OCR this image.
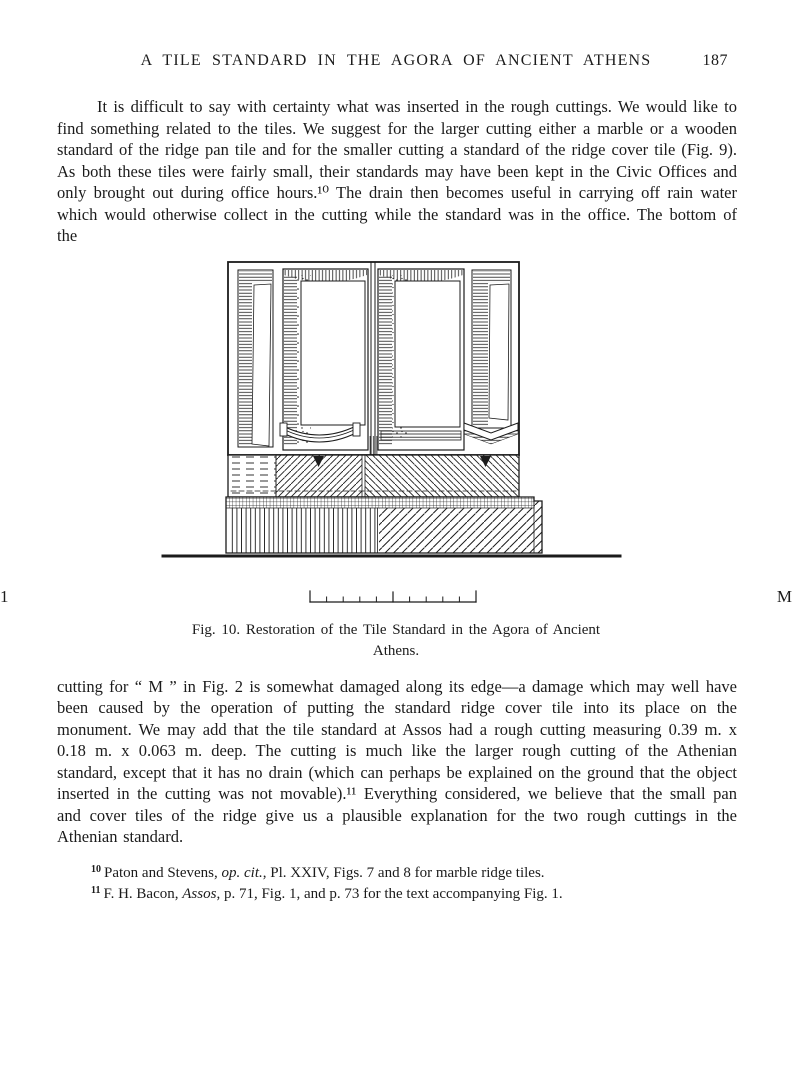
A TILE STANDARD IN THE AGORA OF ANCIENT ATHENS	187
It is difficult to say with certainty what was inserted in the rough cuttings. We would like to find something related to the tiles. We suggest for the larger cutting either a marble or a wooden standard of the ridge pan tile and for the smaller cutting a standard of the ridge cover tile (Fig. 9). As both these tiles were fairly small, their standards may have been kept in the Civic Offices and only brought out during office hours.¹⁰ The drain then becomes useful in carrying off rain water which would otherwise collect in the cutting while the standard was in the office. The bottom of the
1	M
Fig. 10. Restoration of the Tile Standard in the Agora of Ancient Athens.
cutting for “ M ” in Fig. 2 is somewhat damaged along its edge—a damage which may well have been caused by the operation of putting the standard ridge cover tile into its place on the monument. We may add that the tile standard at Assos had a rough cutting measuring 0.39 m. x 0.18 m. x 0.063 m. deep. The cutting is much like the larger rough cutting of the Athenian standard, except that it has no drain (which can perhaps be explained on the ground that the object inserted in the cutting was not movable).¹¹ Everything considered, we believe that the small pan and cover tiles of the ridge give us a plausible explanation for the two rough cuttings in the Athenian standard.
$^{10}$ Paton and Stevens, op. cit., Pl. XXIV, Figs. 7 and 8 for marble ridge tiles.
$^{11}$ F. H. Bacon, Assos, p. 71, Fig. 1, and p. 73 for the text accompanying Fig. 1.
